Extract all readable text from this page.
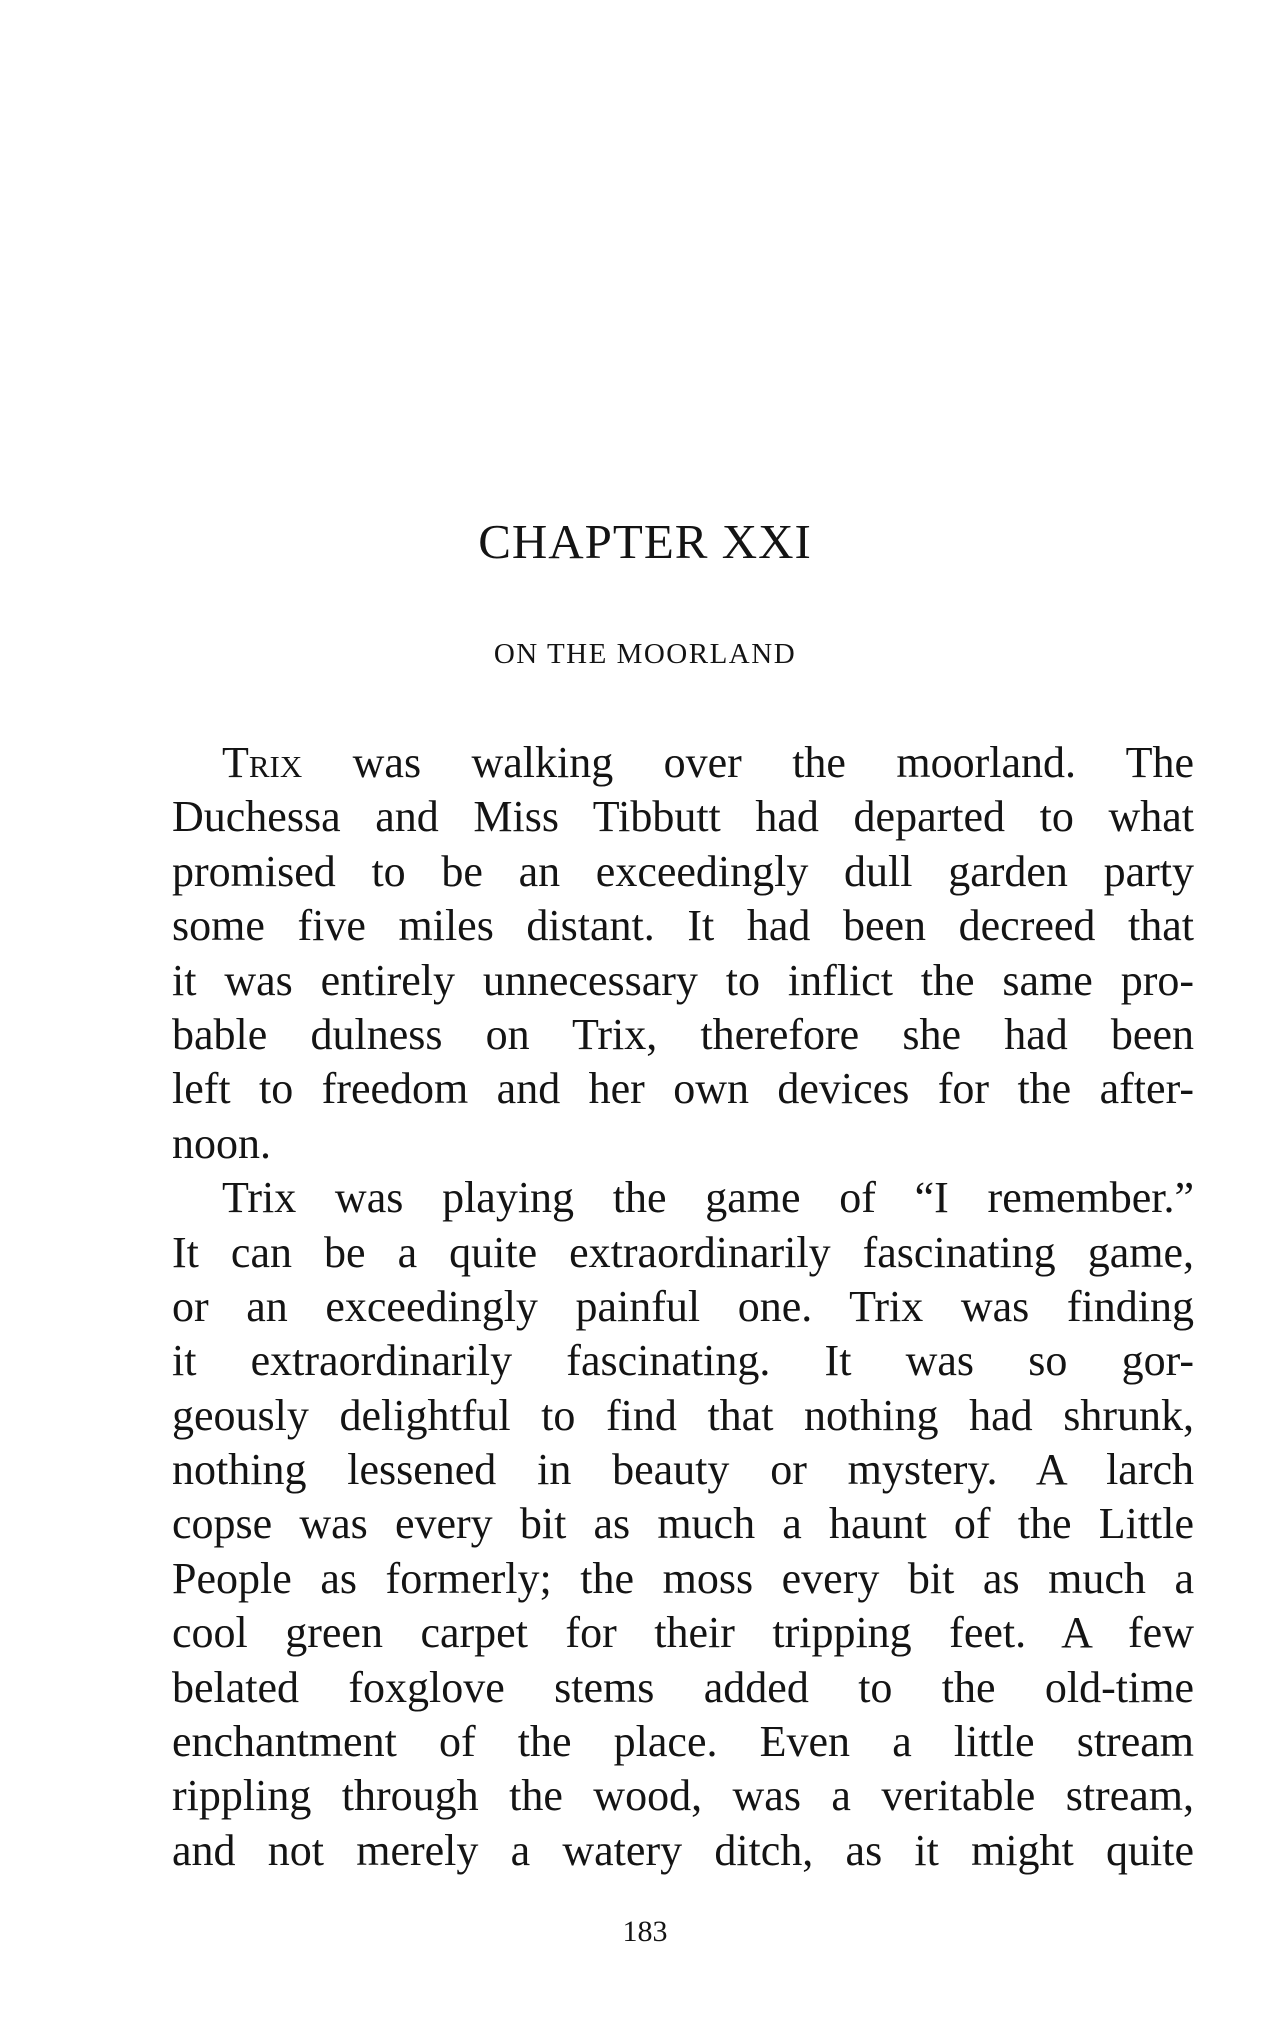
CHAPTER XXI
ON THE MOORLAND
Trix was walking over the moorland. The
Duchessa and Miss Tibbutt had departed to what
promised to be an exceedingly dull garden party
some five miles distant. It had been decreed that
it was entirely unnecessary to inflict the same pro-
bable dulness on Trix, therefore she had been
left to freedom and her own devices for the after-
noon.
Trix was playing the game of “I remember.”
It can be a quite extraordinarily fascinating game,
or an exceedingly painful one. Trix was finding
it extraordinarily fascinating. It was so gor-
geously delightful to find that nothing had shrunk,
nothing lessened in beauty or mystery. A larch
copse was every bit as much a haunt of the Little
People as formerly; the moss every bit as much a
cool green carpet for their tripping feet. A few
belated foxglove stems added to the old-time
enchantment of the place. Even a little stream
rippling through the wood, was a veritable stream,
and not merely a watery ditch, as it might quite
183
